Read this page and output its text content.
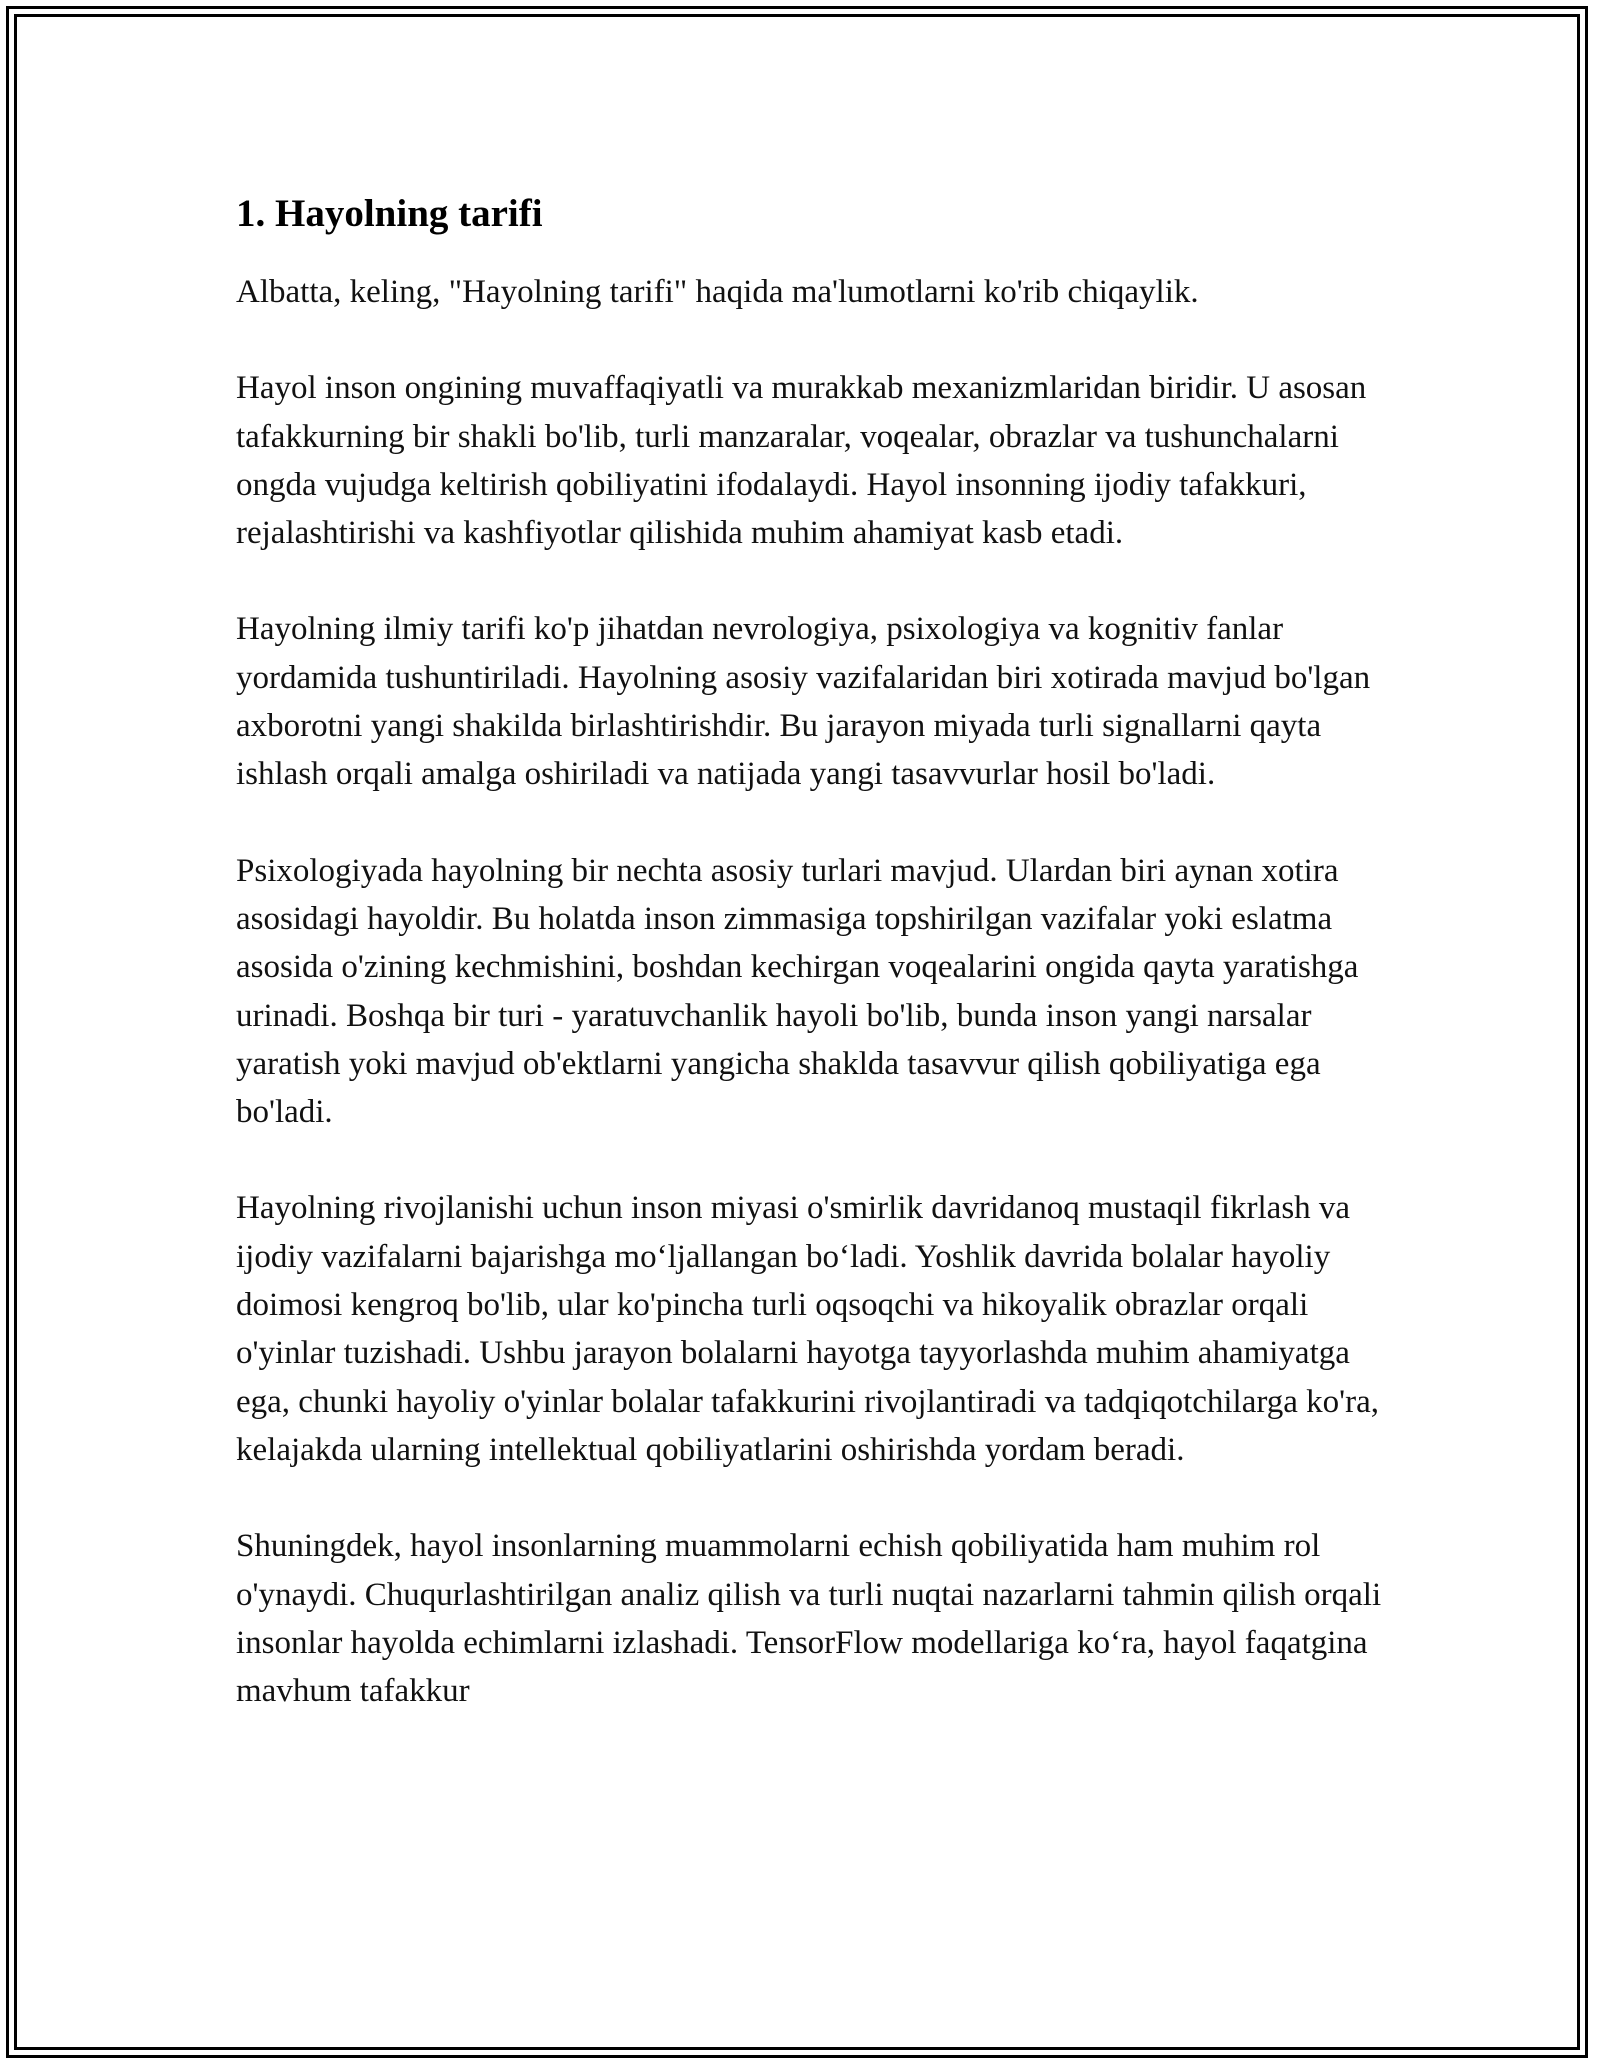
1. Hayolning tarifi

Albatta, keling, "Hayolning tarifi" haqida ma'lumotlarni ko'rib chiqaylik.

Hayol inson ongining muvaffaqiyatli va murakkab mexanizmlaridan biridir. U asosan tafakkurning bir shakli bo'lib, turli manzaralar, voqealar, obrazlar va tushunchalarni ongda vujudga keltirish qobiliyatini ifodalaydi. Hayol insonning ijodiy tafakkuri, rejalashtirishi va kashfiyotlar qilishida muhim ahamiyat kasb etadi.

Hayolning ilmiy tarifi ko'p jihatdan nevrologiya, psixologiya va kognitiv fanlar yordamida tushuntiriladi. Hayolning asosiy vazifalaridan biri xotirada mavjud bo'lgan axborotni yangi shakilda birlashtirishdir. Bu jarayon miyada turli signallarni qayta ishlash orqali amalga oshiriladi va natijada yangi tasavvurlar hosil bo'ladi.

Psixologiyada hayolning bir nechta asosiy turlari mavjud. Ulardan biri aynan xotira asosidagi hayoldir. Bu holatda inson zimmasiga topshirilgan vazifalar yoki eslatma asosida o'zining kechmishini, boshdan kechirgan voqealarini ongida qayta yaratishga urinadi. Boshqa bir turi - yaratuvchanlik hayoli bo'lib, bunda inson yangi narsalar yaratish yoki mavjud ob'ektlarni yangicha shakldа tasavvur qilish qobiliyatiga ega bo'ladi.

Hayolning rivojlanishi uchun inson miyasi o'smirlik davridanoq mustaqil fikrlash va ijodiy vazifalarni bajarishga moʻljallangan boʻladi. Yoshlik davrida bolalar hayoliy doimosi kengroq bo'lib, ular ko'pincha turli oqsoqchi va hikoyalik obrazlar orqali o'yinlar tuzishadi. Ushbu jarayon bolalarni hayotga tayyorlashda muhim ahamiyatga ega, chunki hayoliy o'yinlar bolalar tafakkurini rivojlantiradi va tadqiqotchilarga ko'ra, kelajakda ularning intellektual qobiliyatlarini oshirishda yordam beradi.

Shuningdek, hayol insonlarning muammolarni echish qobiliyatida ham muhim rol o'ynaydi. Chuqurlashtirilgan analiz qilish va turli nuqtai nazarlarni tahmin qilish orqali insonlar hayolda echimlarni izlashadi. TensorFlow modellariga koʻra, hayol faqatgina mavhum tafakkur
